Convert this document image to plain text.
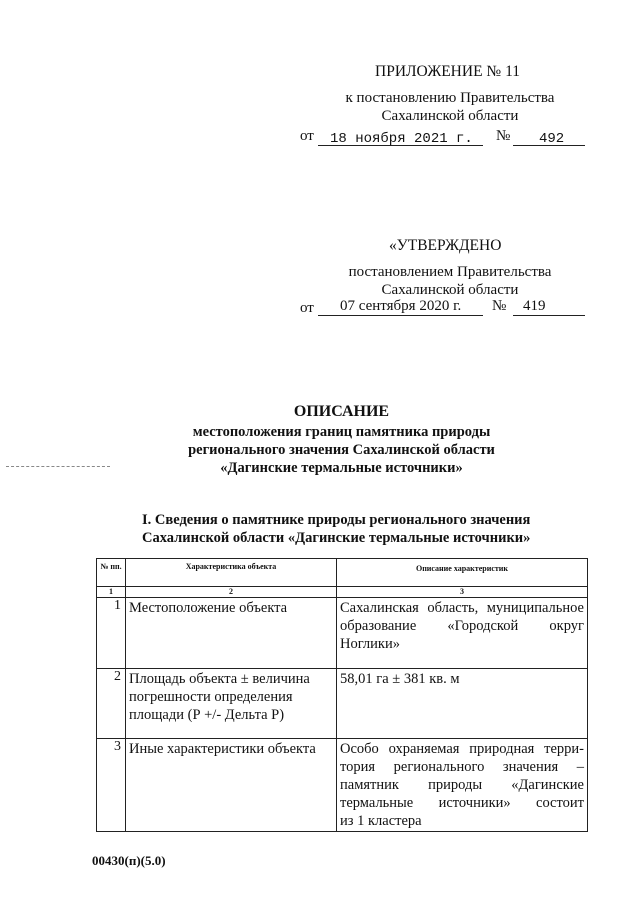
ПРИЛОЖЕНИЕ № 11
к постановлению Правительства
Сахалинской области
от 18 ноября 2021 г. № 492
«УТВЕРЖДЕНО
постановлением Правительства
Сахалинской области
от 07 сентября 2020 г. № 419
ОПИСАНИЕ
местоположения границ памятника природы
регионального значения Сахалинской области
«Дагинские термальные источники»
I. Сведения о памятнике природы регионального значения
Сахалинской области «Дагинские термальные источники»
№ пп.	Характеристика объекта	Описание характеристик
1	2	3
1	Местоположение объекта	Сахалинская область, муниципальное
образование «Городской округ
Ноглики»

2	Площадь объекта ± величина
погрешности определения
площади (Р +/- Дельта Р)	58,01 га ± 381 кв. м

3	Иные характеристики объекта	Особо охраняемая природная терри-
тория регионального значения –
памятник природы «Дагинские
термальные источники» состоит
из 1 кластера
00430(п)(5.0)
